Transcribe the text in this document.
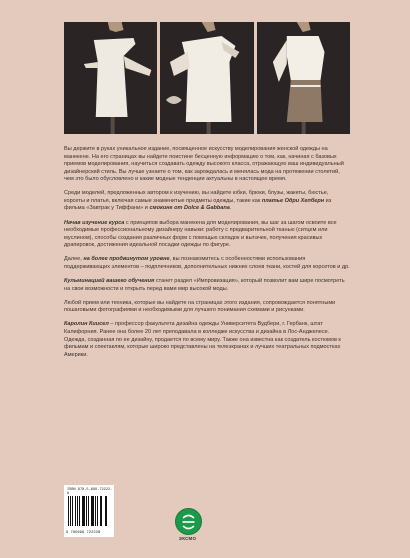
Вы держите в руках уникальное издание, посвященное искусству моделирования женской одежды на манекене. На его страницах вы найдете поистине бесценную информацию о том, как, начиная с базовых приемов моделирования, научиться создавать одежду высокого класса, отражающую ваш индивидуальный дизайнерский стиль. Вы лучше узнаете о том, как зарождалась и менялась мода на протяжении столетий, чем это было обусловлено и какие модные тенденции актуальны в настоящее время.

Среди моделей, предложенных автором к изучению, вы найдете юбки, брюки, блузы, жакеты, бюстье, корсеты и платья, включая самые знаменитые предметы одежды, такие как платье Одри Хепберн из фильма «Завтрак у Тиффани» и смокинг от Dolce & Gabbana.

Начав изучение курса с принципов выбора манекена для моделирования, вы шаг за шагом освоите все необходимые профессиональному дизайнеру навыки: работу с предварительной тканью (ситцем или муслином), способы создания различных форм с помощью складок и вытачек, получения красивых драпировок, достижения идеальной посадки одежды по фигуре.

Далее, на более продвинутом уровне, вы познакомитесь с особенностями использования поддерживающих элементов – подплечников, дополнительных нижних слоев ткани, костей для корсетов и др.

Кульминацией вашего обучения станет раздел «Импровизация», который позволит вам шире посмотреть на свои возможности и открыть перед вами мир высокой моды.

Любой прием или техника, которые вы найдете на страницах этого издания, сопровождается понятными пошаговыми фотографиями и необходимыми для лучшего понимания схемами и рисунками.

Каролин Киисел – профессор факультета дизайна одежды Университета Вудбери, г. Гербанк, штат Калифорния. Ранее она более 20 лет преподавала в колледже искусства и дизайна в Лос-Анджелесе. Одежда, созданная по ее дизайну, продается по всему миру. Также она известна как создатель костюмов к фильмам и спектаклям, которые широко представлены на телеэкранах и лучших театральных подмостках Америки.

ISBN 978-5-699-72222-8
9 785699 722228
ЭКСМО
